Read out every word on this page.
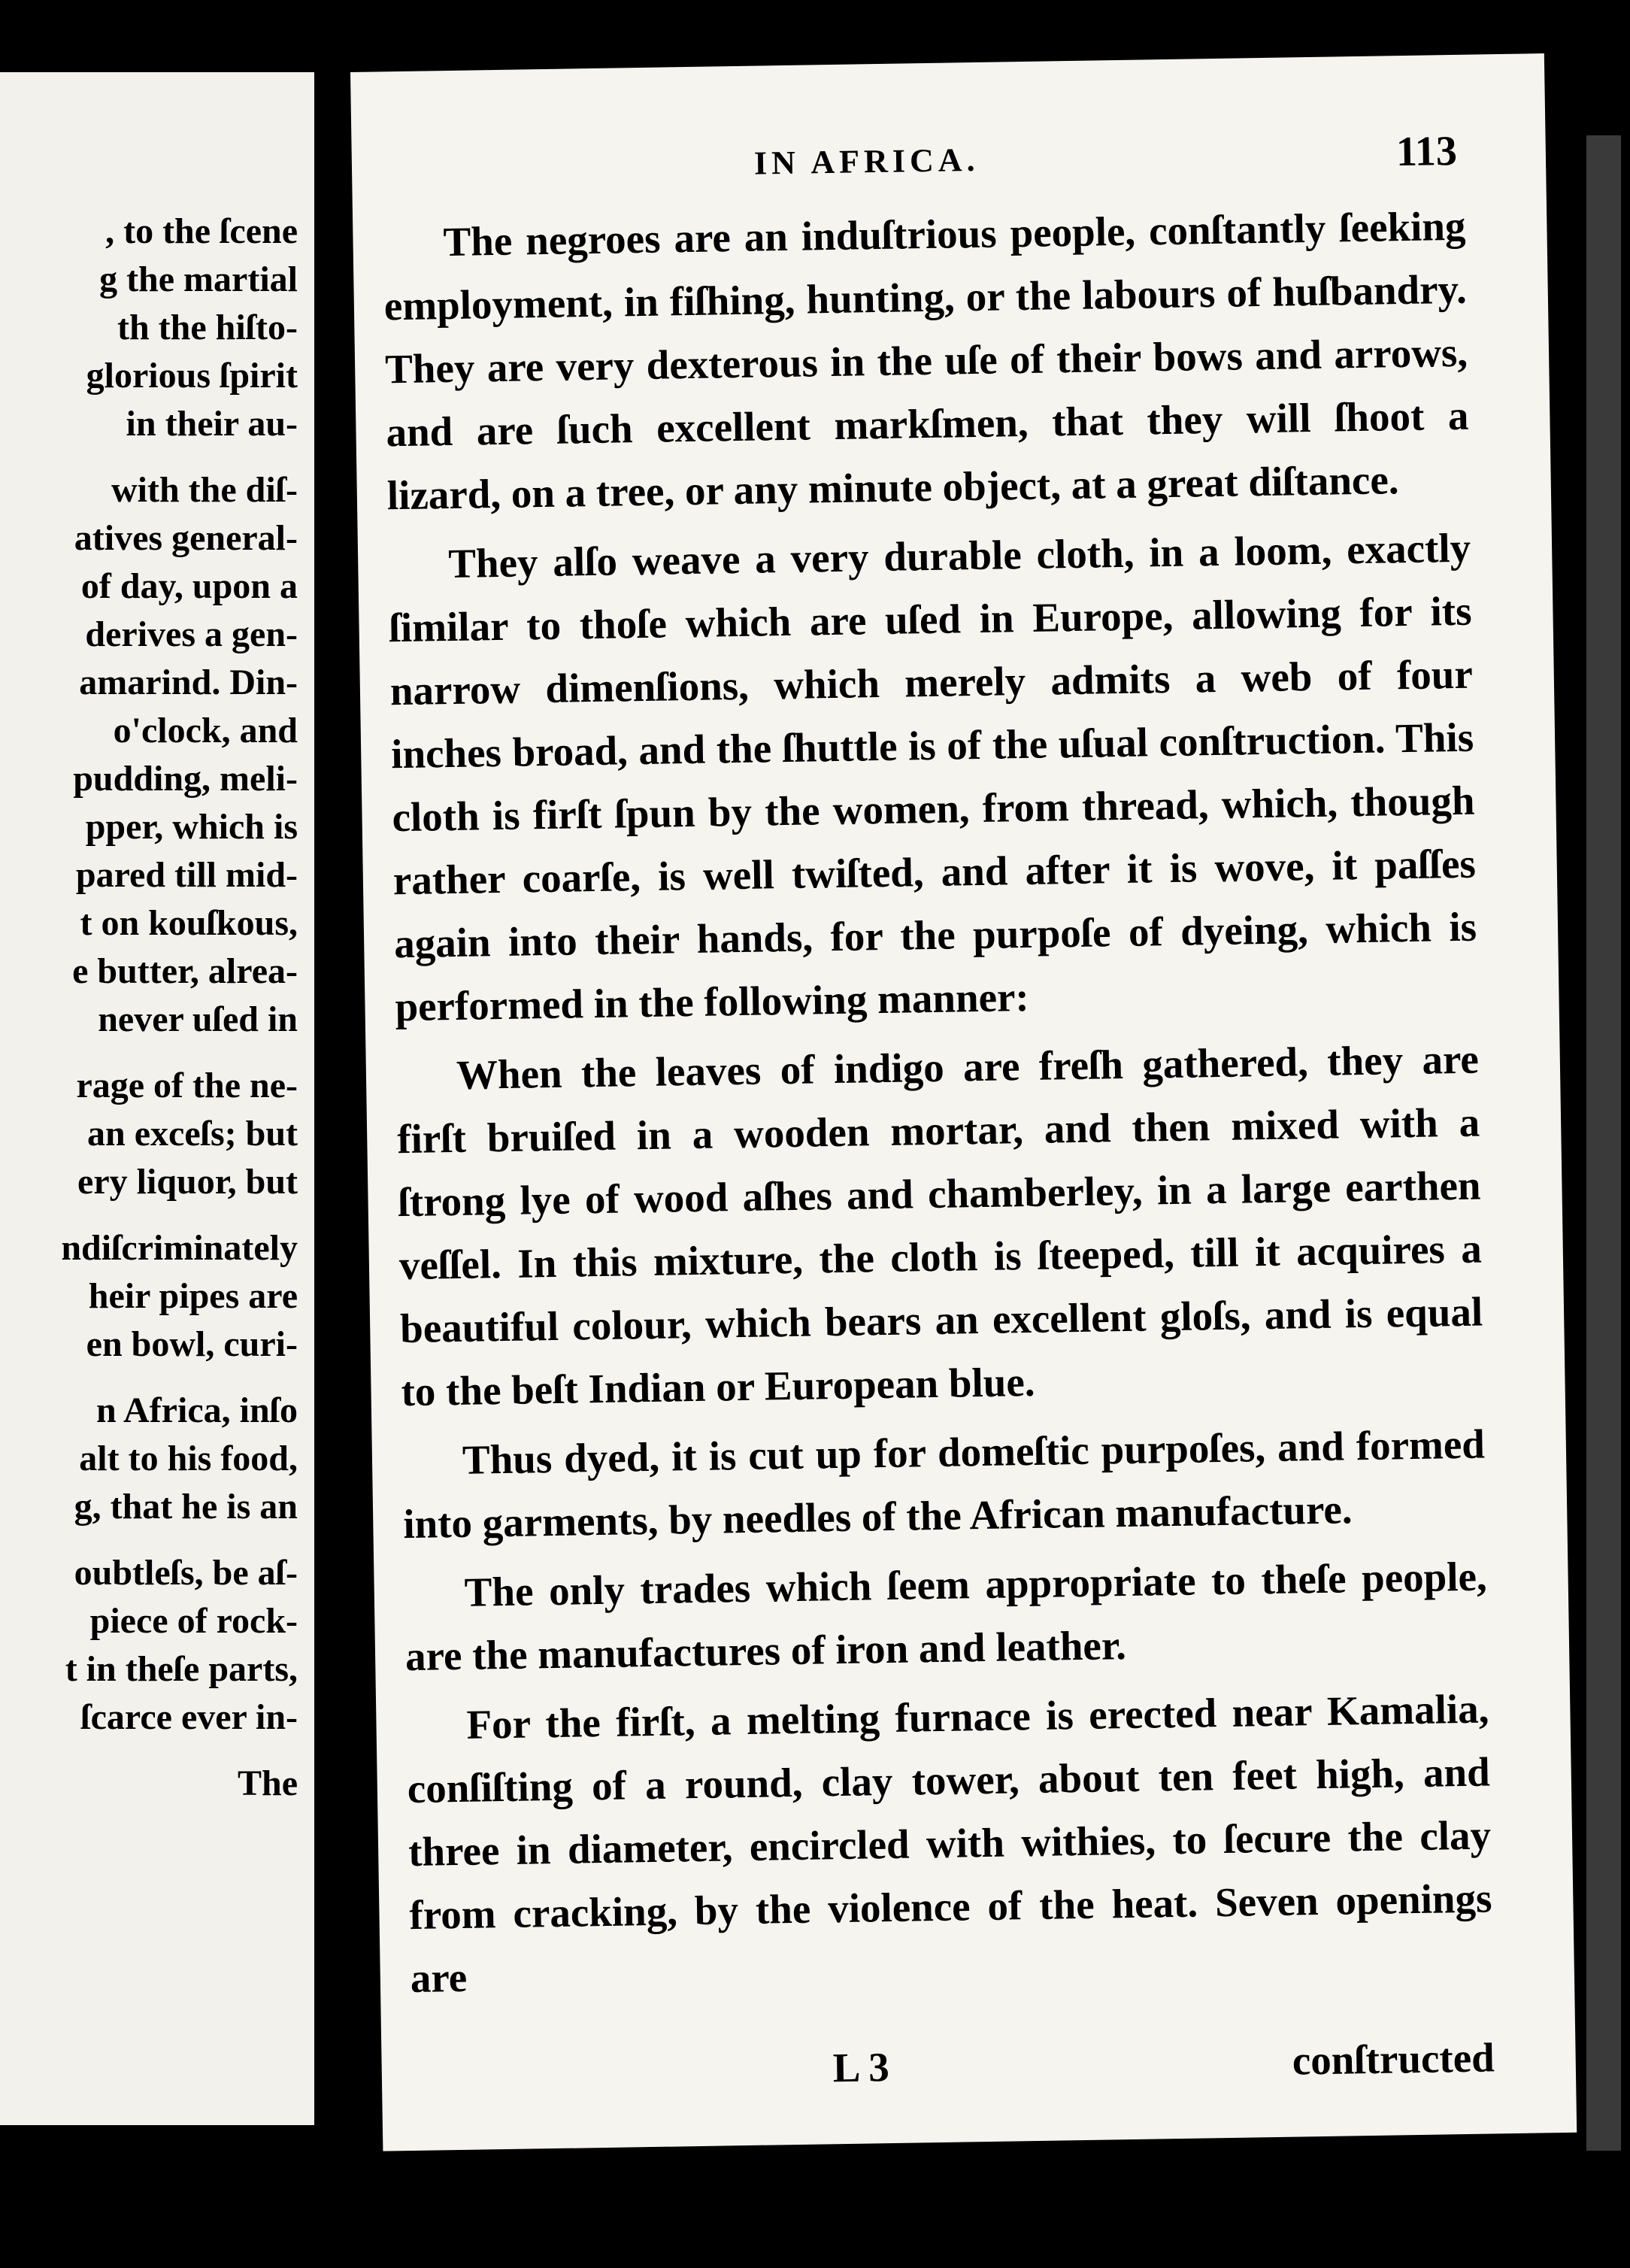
, to the ſcene
g the martial
th the hiſto-
glorious ſpirit
in their au-
with the diſ-
atives general-
of day, upon a
derives a gen-
amarind. Din-
o'clock, and
pudding, meli-
pper, which is
pared till mid-
t on kouſkous,
e butter, alrea-
never uſed in
rage of the ne-
an exceſs; but
ery liquor, but
ndiſcriminately
heir pipes are
en bowl, curi-
n Africa, inſo
alt to his food,
g, that he is an
oubtleſs, be aſ-
piece of rock-
t in theſe parts,
ſcarce ever in-
The
IN AFRICA.	113

The negroes are an induſtrious people, conſtantly ſeeking employment, in fiſhing, hunting, or the labours of huſbandry. They are very dexterous in the uſe of their bows and arrows, and are ſuch excellent markſmen, that they will ſhoot a lizard, on a tree, or any minute object, at a great diſtance.

They alſo weave a very durable cloth, in a loom, exactly ſimilar to thoſe which are uſed in Europe, allowing for its narrow dimenſions, which merely admits a web of four inches broad, and the ſhuttle is of the uſual conſtruction. This cloth is firſt ſpun by the women, from thread, which, though rather coarſe, is well twiſted, and after it is wove, it paſſes again into their hands, for the purpoſe of dyeing, which is performed in the following manner:

When the leaves of indigo are freſh gathered, they are firſt bruiſed in a wooden mortar, and then mixed with a ſtrong lye of wood aſhes and chamberley, in a large earthen veſſel. In this mixture, the cloth is ſteeped, till it acquires a beautiful colour, which bears an excellent gloſs, and is equal to the beſt Indian or European blue.

Thus dyed, it is cut up for domeſtic purpoſes, and formed into garments, by needles of the African manufacture.

The only trades which ſeem appropriate to theſe people, are the manufactures of iron and leather.

For the firſt, a melting furnace is erected near Kamalia, conſiſting of a round, clay tower, about ten feet high, and three in diameter, encircled with withies, to ſecure the clay from cracking, by the violence of the heat. Seven openings are

L 3	conſtructed
